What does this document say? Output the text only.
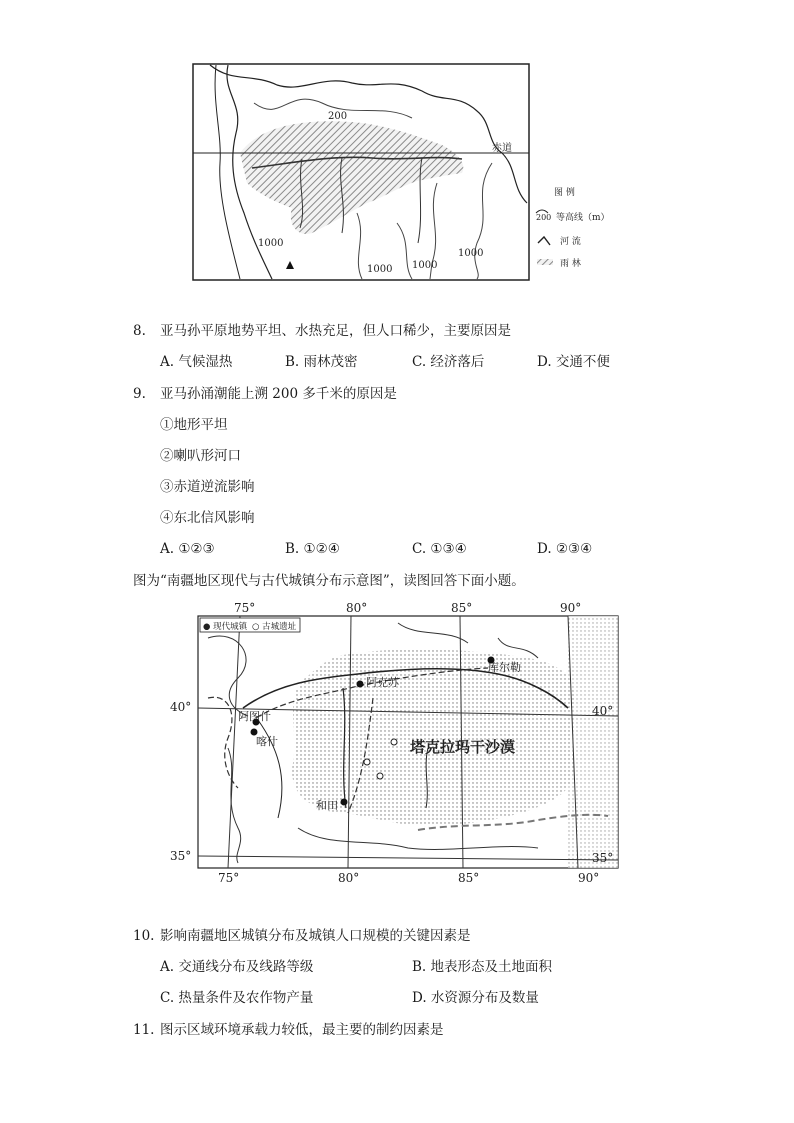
200
赤道
1000
1000 1000
1000
图 例
200 等高线（m）
河 流
雨 林
8. 亚马孙平原地势平坦、水热充足，但人口稀少，主要原因是
A. 气候湿热	B. 雨林茂密	C. 经济落后	D. 交通不便
9. 亚马孙涌潮能上溯 200 多千米的原因是
①地形平坦
②喇叭形河口
③赤道逆流影响
④东北信风影响
A. ①②③	B. ①②④	C. ①③④	D. ②③④
图为“南疆地区现代与古代城镇分布示意图”，读图回答下面小题。
75°	80°	85°	90°
● 现代城镇 ○ 古城遗址
库尔勒
阿克苏
阿图什
喀什
和田
塔克拉玛干沙漠
40°
35°
40°
35°
75°	80°	85°	90°
10. 影响南疆地区城镇分布及城镇人口规模的关键因素是
A. 交通线分布及线路等级	B. 地表形态及土地面积
C. 热量条件及农作物产量	D. 水资源分布及数量
11. 图示区域环境承载力较低，最主要的制约因素是
